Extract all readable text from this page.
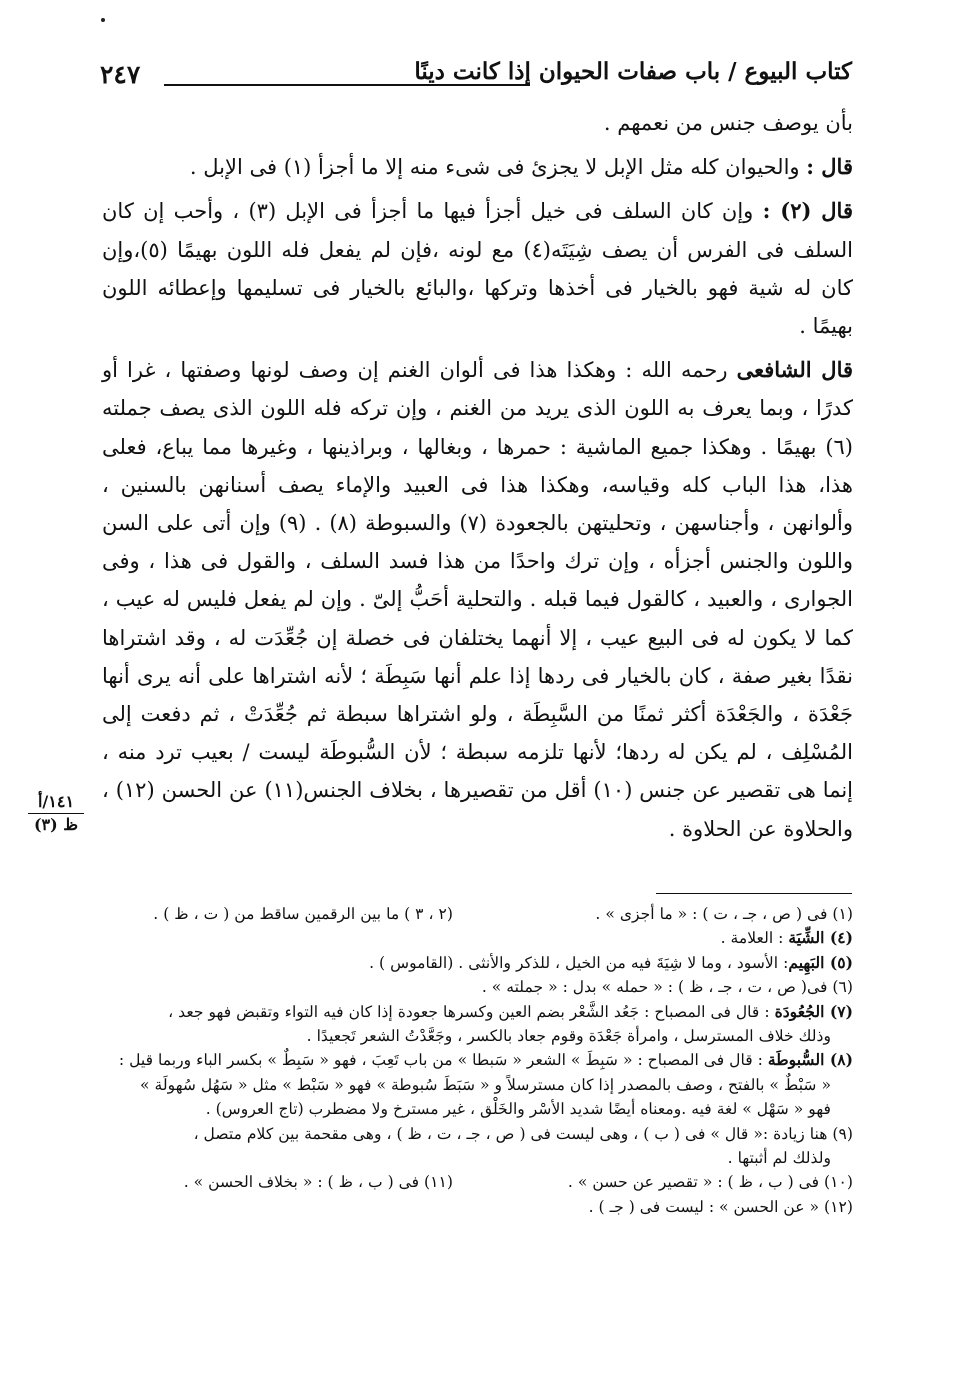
٢٤٧	كتاب البيوع / باب صفات الحيوان إذا كانت دينًا

بأن يوصف جنس من نعمهم .

قال : والحيوان كله مثل الإبل لا يجزئ فى شىء منه إلا ما أجزأ (١) فى الإبل .

قال (٢) : وإن كان السلف فى خيل أجزأ فيها ما أجزأ فى الإبل (٣) ، وأحب إن كان السلف فى الفرس أن يصف شِيَتَه(٤) مع لونه ،فإن لم يفعل فله اللون بهيمًا (٥)،وإن كان له شية فهو بالخيار فى أخذها وتركها ،والبائع بالخيار فى تسليمها وإعطائه اللون بهيمًا .

قال الشافعى رحمه الله : وهكذا هذا فى ألوان الغنم إن وصف لونها وصفتها ، غرا أو كدرًا ، وبما يعرف به اللون الذى يريد من الغنم ، وإن تركه فله اللون الذى يصف جملته (٦) بهيمًا . وهكذا جميع الماشية : حمرها ، وبغالها ، وبراذينها ، وغيرها مما يباع، فعلى هذا، هذا الباب كله وقياسه، وهكذا هذا فى العبيد والإماء يصف أسنانهن بالسنين ، وألوانهن ، وأجناسهن ، وتحليتهن بالجعودة (٧) والسبوطة (٨) . (٩) وإن أتى على السن واللون والجنس أجزأه ، وإن ترك واحدًا من هذا فسد السلف ، والقول فى هذا ، وفى الجوارى ، والعبيد ، كالقول فيما قبله . والتحلية أحَبُّ إلىّ . وإن لم يفعل فليس له عيب ، كما لا يكون له فى البيع عيب ، إلا أنهما يختلفان فى خصلة إن جُعِّدَت له ، وقد اشتراها نقدًا بغير صفة ، كان بالخيار فى ردها إذا علم أنها سَبِطَة ؛ لأنه اشتراها على أنه يرى أنها جَعْدَة ، والجَعْدَة أكثر ثمنًا من السَّبِطَة ، ولو اشتراها سبطة ثم جُعِّدَتْ ، ثم دفعت إلى المُسْلِف ، لم يكن له ردها؛ لأنها تلزمه سبطة ؛ لأن السُّبوطَة ليست / بعيب ترد منه ، إنما هى تقصير عن جنس (١٠) أقل من تقصيرها ، بخلاف الجنس(١١) عن الحسن (١٢) ، والحلاوة عن الحلاوة .

١٤١/أ
ظ (٣)
(١) فى ( ص ، جـ ، ت ) : « ما أجزى » .
(٢ ، ٣ ) ما بين الرقمين ساقط من ( ت ، ظ ) .
(٤) الشِّيَة : العلامة .
(٥) البَهِيم: الأسود ، وما لا شِيَةَ فيه من الخيل ، للذكر والأنثى . (القاموس ) .
(٦) فى( ص ، ت ، جـ ، ظ ) : « حمله » بدل : « جملته » .
(٧) الجُعُودَة : قال فى المصباح : جَعُد الشَّعْر بضم العين وكسرها جعودة إذا كان فيه التواء وتقبض فهو جعد ،
وذلك خلاف المسترسل ، وامرأة جَعْدَة وقوم جعاد بالكسر ، وجَعَّدْتُ الشعر تَجعيدًا .
(٨) السُّبوطَة : قال فى المصباح : « سَبِطَ » الشعر « سَبطا » من باب تَعِبَ ، فهو « سَبِطٌ » بكسر الباء وربما قيل :
« سَبْطٌ » بالفتح ، وصف بالمصدر إذا كان مسترسلاً و « سَبَطَ سُبوطة » فهو « سَبْط » مثل « سَهُل سُهولَة »
فهو « سَهْل » لغة فيه .ومعناه أيضًا شديد الأسْر والخَلْق ، غير مسترخ ولا مضطرب (تاج العروس) .
(٩) هنا زيادة :« قال » فى ( ب ) ، وهى ليست فى ( ص ، جـ ، ت ، ظ ) ، وهى مقحمة بين كلام متصل ،
ولذلك لم أثبتها .
(١٠) فى ( ب ، ظ ) : « تقصير عن حسن » .
(١١) فى ( ب ، ظ ) : « بخلاف الحسن » .
(١٢) « عن الحسن » : ليست فى ( جـ ) .
